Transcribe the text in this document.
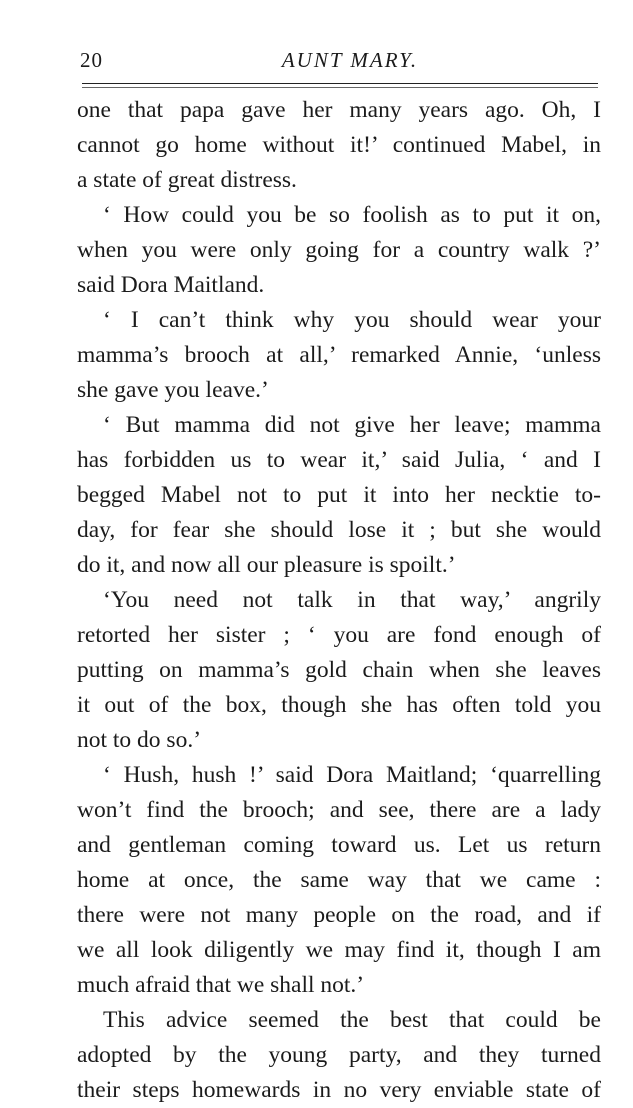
20	AUNT MARY.
one that papa gave her many years ago. Oh, I
cannot go home without it!’ continued Mabel, in
a state of great distress.
‘ How could you be so foolish as to put it on,
when you were only going for a country walk ?’
said Dora Maitland.
‘ I can’t think why you should wear your
mamma’s brooch at all,’ remarked Annie, ‘unless
she gave you leave.’
‘ But mamma did not give her leave; mamma
has forbidden us to wear it,’ said Julia, ‘ and I
begged Mabel not to put it into her necktie to-
day, for fear she should lose it ; but she would
do it, and now all our pleasure is spoilt.’
‘You need not talk in that way,’ angrily
retorted her sister ; ‘ you are fond enough of
putting on mamma’s gold chain when she leaves
it out of the box, though she has often told you
not to do so.’
‘ Hush, hush !’ said Dora Maitland; ‘quarrelling
won’t find the brooch; and see, there are a lady
and gentleman coming toward us. Let us return
home at once, the same way that we came :
there were not many people on the road, and if
we all look diligently we may find it, though I am
much afraid that we shall not.’
This advice seemed the best that could be
adopted by the young party, and they turned
their steps homewards in no very enviable state of
